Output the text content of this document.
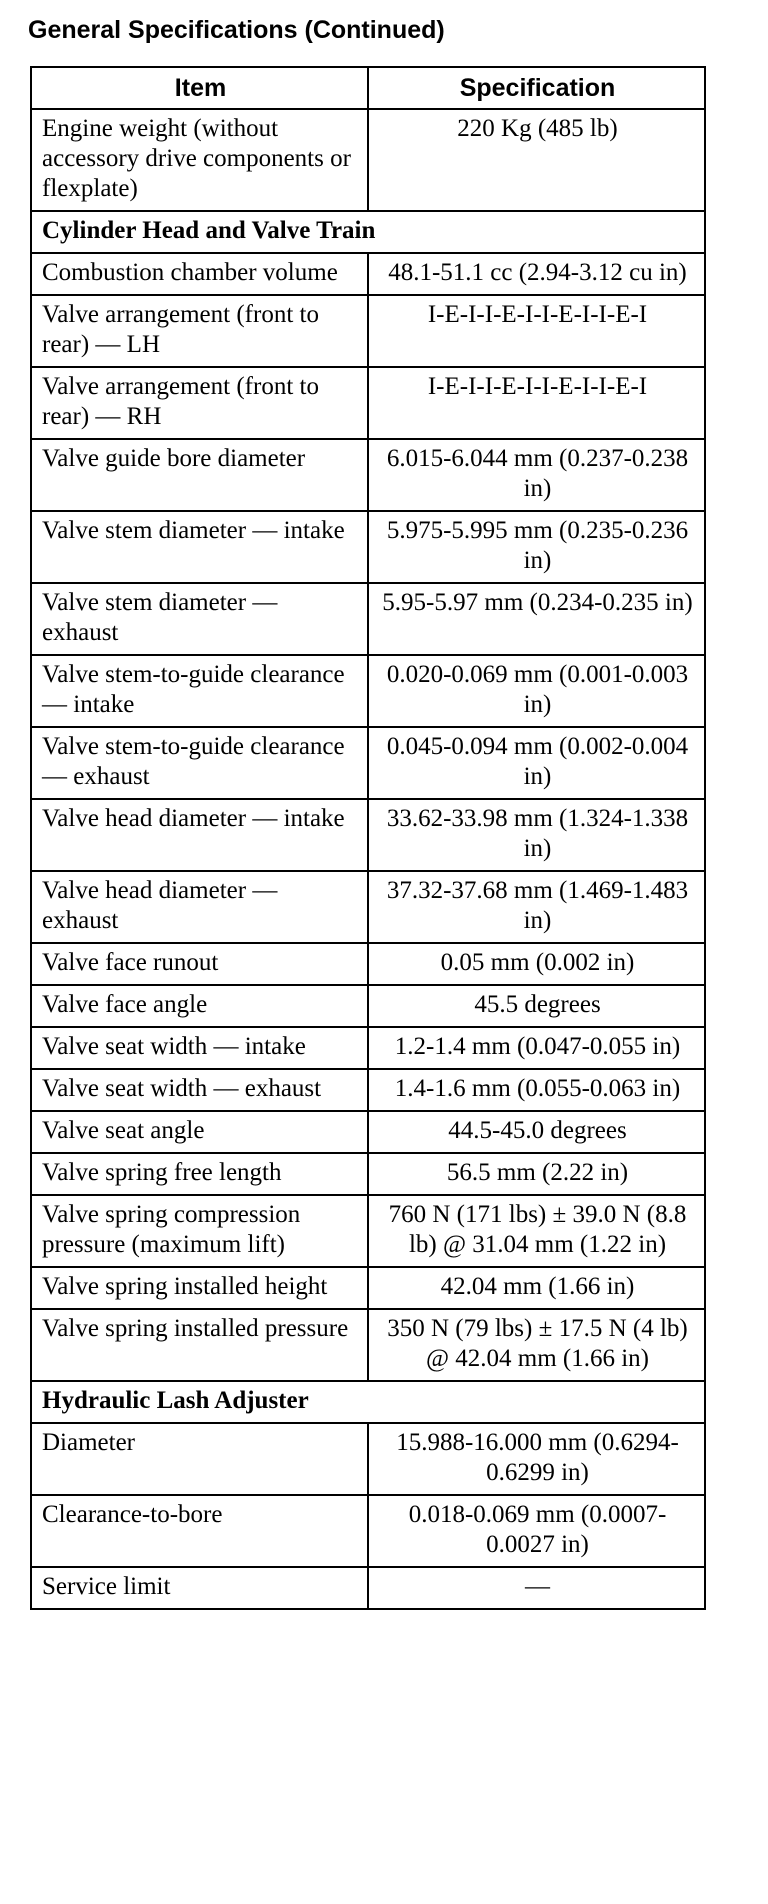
General Specifications (Continued)
Item	Specification
Engine weight (without accessory drive components or flexplate)	220 Kg (485 lb)
Cylinder Head and Valve Train	
Combustion chamber volume	48.1-51.1 cc (2.94-3.12 cu in)
Valve arrangement (front to rear) — LH	I-E-I-I-E-I-I-E-I-I-E-I
Valve arrangement (front to rear) — RH	I-E-I-I-E-I-I-E-I-I-E-I
Valve guide bore diameter	6.015-6.044 mm (0.237-0.238 in)
Valve stem diameter — intake	5.975-5.995 mm (0.235-0.236 in)
Valve stem diameter — exhaust	5.95-5.97 mm (0.234-0.235 in)
Valve stem-to-guide clearance — intake	0.020-0.069 mm (0.001-0.003 in)
Valve stem-to-guide clearance — exhaust	0.045-0.094 mm (0.002-0.004 in)
Valve head diameter — intake	33.62-33.98 mm (1.324-1.338 in)
Valve head diameter — exhaust	37.32-37.68 mm (1.469-1.483 in)
Valve face runout	0.05 mm (0.002 in)
Valve face angle	45.5 degrees
Valve seat width — intake	1.2-1.4 mm (0.047-0.055 in)
Valve seat width — exhaust	1.4-1.6 mm (0.055-0.063 in)
Valve seat angle	44.5-45.0 degrees
Valve spring free length	56.5 mm (2.22 in)
Valve spring compression pressure (maximum lift)	760 N (171 lbs) ± 39.0 N (8.8 lb) @ 31.04 mm (1.22 in)
Valve spring installed height	42.04 mm (1.66 in)
Valve spring installed pressure	350 N (79 lbs) ± 17.5 N (4 lb) @ 42.04 mm (1.66 in)
Hydraulic Lash Adjuster	
Diameter	15.988-16.000 mm (0.6294-0.6299 in)
Clearance-to-bore	0.018-0.069 mm (0.0007-0.0027 in)
Service limit	—
